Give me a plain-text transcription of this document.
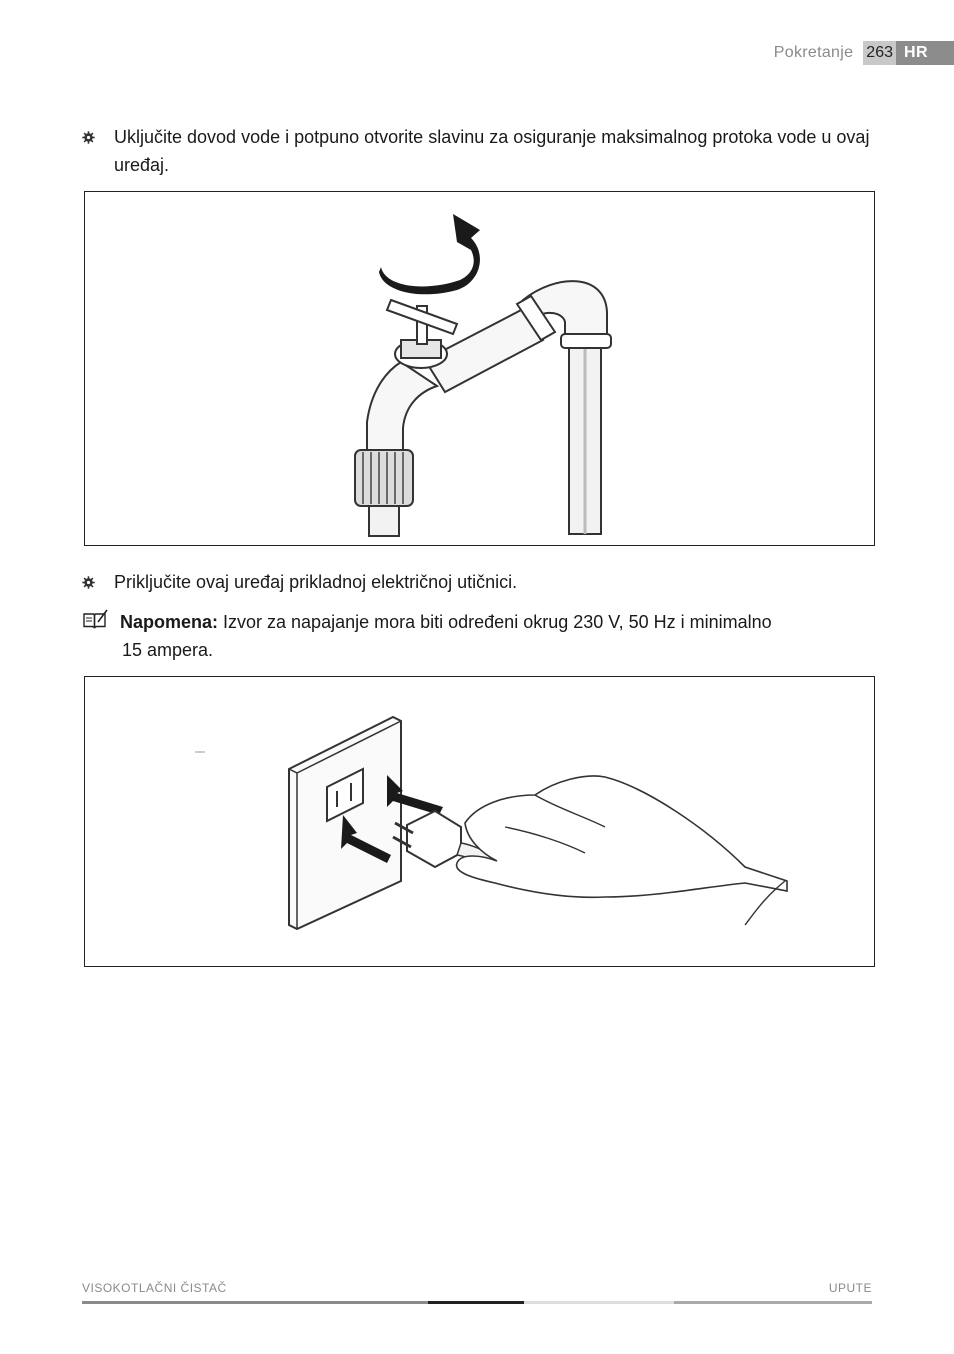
Pokretanje 263 HR
Uključite dovod vode i potpuno otvorite slavinu za osiguranje maksimalnog protoka vode u ovaj uređaj.
Priključite ovaj uređaj prikladnoj električnoj utičnici.
Napomena: Izvor za napajanje mora biti određeni okrug 230 V, 50 Hz i minimalno
15 ampera.
VISOKOTLAČNI ČISTAČ	UPUTE
